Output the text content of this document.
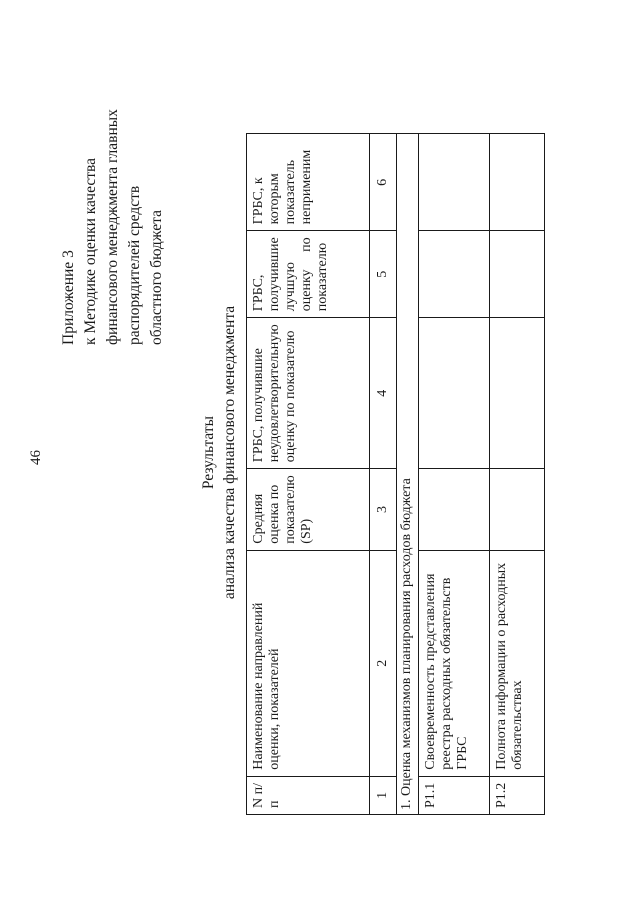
46
Приложение 3 к Методике оценки качества финансового менеджмента главных распорядителей средств областного бюджета
Результаты анализа качества финансового менеджмента
N п/п	Наименование направлений оценки, показателей	Средняя оценка по показателю (SP)	ГРБС, получившие неудовлетворительную оценку по показателю	ГРБС, получившие лучшую оценку по показателю	ГРБС, к которым показатель неприменим
1	2	3	4	5	6
1. Оценка механизмов планирования расходов бюджета					
P1.1	Своевременность представления реестра расходных обязательств ГРБС				
P1.2	Полнота информации о расходных обязательствах				
